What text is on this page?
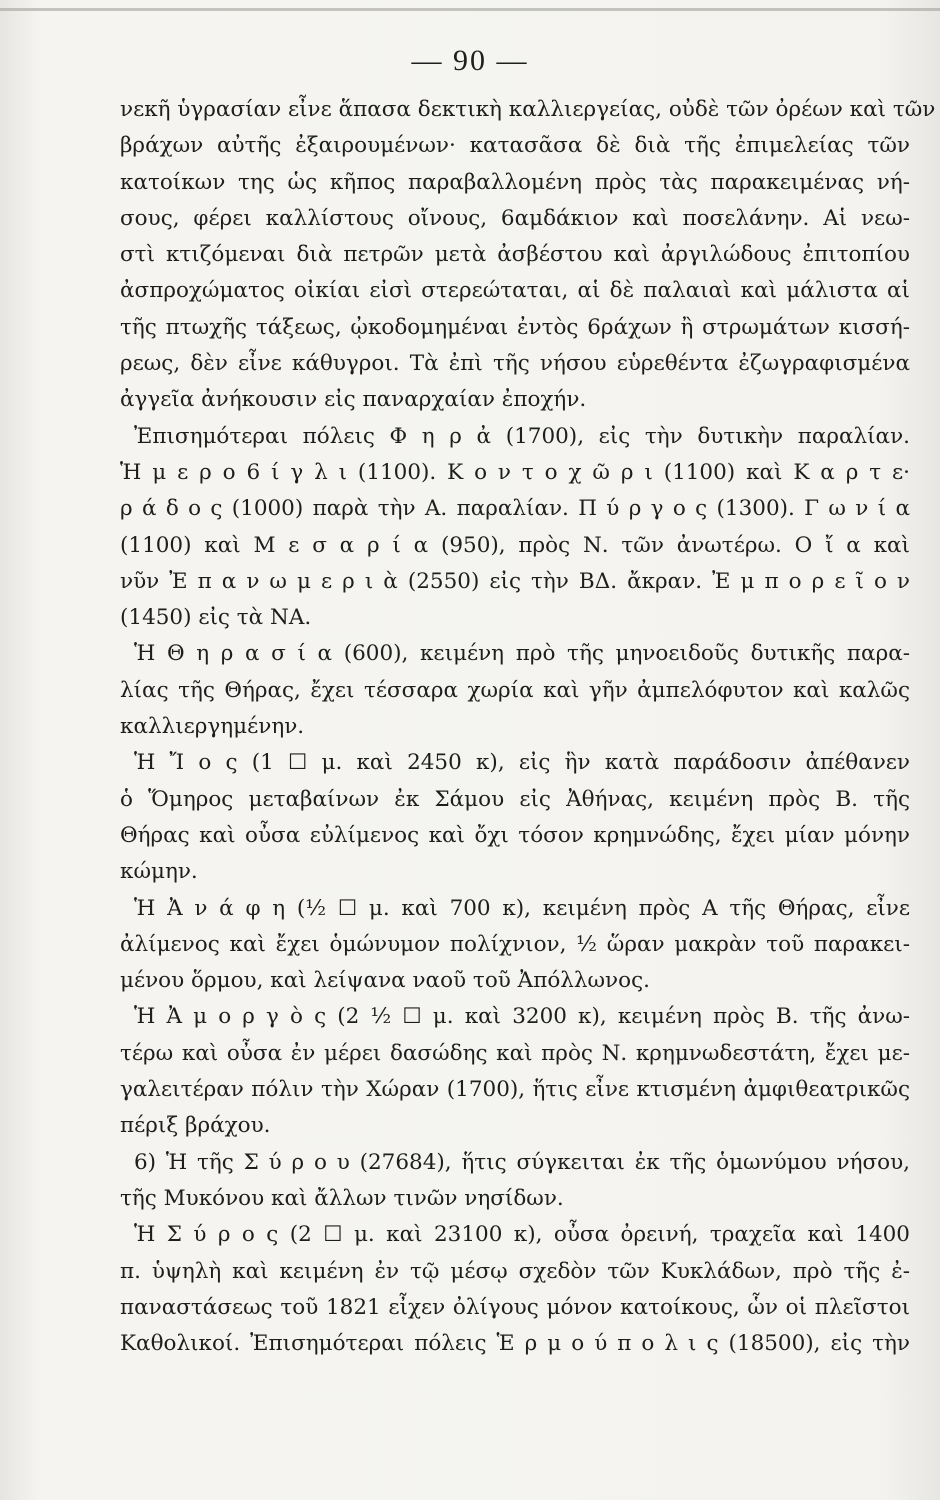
— 90 —
νεκῆ ὑγρασίαν εἶνε ἅπασα δεκτικὴ καλλιεργείας, οὐδὲ τῶν ὀρέων καὶ τῶν
βράχων αὐτῆς ἐξαιρουμένων· κατασᾶσα δὲ διὰ τῆς ἐπιμελείας τῶν
κατοίκων της ὡς κῆπος παραβαλλομένη πρὸς τὰς παρακειμένας νή-
σους, φέρει καλλίστους οἴνους, 6αμδάκιον καὶ ποσελάνην. Αἱ νεω-
στὶ κτιζόμεναι διὰ πετρῶν μετὰ ἀσβέστου καὶ ἀργιλώδους ἐπιτοπίου
ἀσπροχώματος οἰκίαι εἰσὶ στερεώταται, αἱ δὲ παλαιαὶ καὶ μάλιστα αἱ
τῆς πτωχῆς τάξεως, ᾠκοδομημέναι ἐντὸς 6ράχων ἢ στρωμάτων κισσή-
ρεως, δὲν εἶνε κάθυγροι. Τὰ ἐπὶ τῆς νήσου εὑρεθέντα ἐζωγραφισμένα
ἀγγεῖα ἀνήκουσιν εἰς παναρχαίαν ἐποχήν.
Ἐπισημότεραι πόλεις Φ η ρ ἀ (1700), εἰς τὴν δυτικὴν παραλίαν.
Ἡ μ ε ρ ο 6 ί γ λ ι (1100). Κ ο ν τ ο χ ῶ ρ ι (1100) καὶ Κ α ρ τ ε·
ρ ά δ ο ς (1000) παρὰ τὴν Α. παραλίαν. Π ύ ρ γ ο ς (1300). Γ ω ν ί α
(1100) καὶ Μ ε σ α ρ ί α (950), πρὸς Ν. τῶν ἀνωτέρω. Ο ἴ α καὶ
νῦν Ἐ π α ν ω μ ε ρ ι ὰ (2550) εἰς τὴν ΒΔ. ἄκραν. Ἐ μ π ο ρ ε ῖ ο ν
(1450) εἰς τὰ ΝΑ.
Ἡ Θ η ρ α σ ί α (600), κειμένη πρὸ τῆς μηνοειδοῦς δυτικῆς παρα-
λίας τῆς Θήρας, ἔχει τέσσαρα χωρία καὶ γῆν ἀμπελόφυτον καὶ καλῶς
καλλιεργημένην.
Ἡ Ἴ ο ς (1 ☐ μ. καὶ 2450 κ), εἰς ἣν κατὰ παράδοσιν ἀπέθανεν
ὁ Ὅμηρος μεταβαίνων ἐκ Σάμου εἰς Ἀθήνας, κειμένη πρὸς Β. τῆς
Θήρας καὶ οὖσα εὐλίμενος καὶ ὄχι τόσον κρημνώδης, ἔχει μίαν μόνην
κώμην.
Ἡ Ἀ ν ά φ η (½ ☐ μ. καὶ 700 κ), κειμένη πρὸς Α τῆς Θήρας, εἶνε
ἀλίμενος καὶ ἔχει ὁμώνυμον πολίχνιον, ½ ὥραν μακρὰν τοῦ παρακει-
μένου ὅρμου, καὶ λείψανα ναοῦ τοῦ Ἀπόλλωνος.
Ἡ Ἀ μ ο ρ γ ὸ ς (2 ½ ☐ μ. καὶ 3200 κ), κειμένη πρὸς Β. τῆς ἀνω-
τέρω καὶ οὖσα ἐν μέρει δασώδης καὶ πρὸς Ν. κρημνωδεστάτη, ἔχει με-
γαλειτέραν πόλιν τὴν Χώραν (1700), ἥτις εἶνε κτισμένη ἀμφιθεατρικῶς
πέριξ βράχου.
6) Ἡ τῆς Σ ύ ρ ο υ (27684), ἥτις σύγκειται ἐκ τῆς ὁμωνύμου νήσου,
τῆς Μυκόνου καὶ ἄλλων τινῶν νησίδων.
Ἡ Σ ύ ρ ο ς (2 ☐ μ. καὶ 23100 κ), οὖσα ὀρεινή, τραχεῖα καὶ 1400
π. ὑψηλὴ καὶ κειμένη ἐν τῷ μέσῳ σχεδὸν τῶν Κυκλάδων, πρὸ τῆς ἐ-
παναστάσεως τοῦ 1821 εἶχεν ὀλίγους μόνον κατοίκους, ὧν οἱ πλεῖστοι
Καθολικοί. Ἐπισημότεραι πόλεις Ἑ ρ μ ο ύ π ο λ ι ς (18500), εἰς τὴν
